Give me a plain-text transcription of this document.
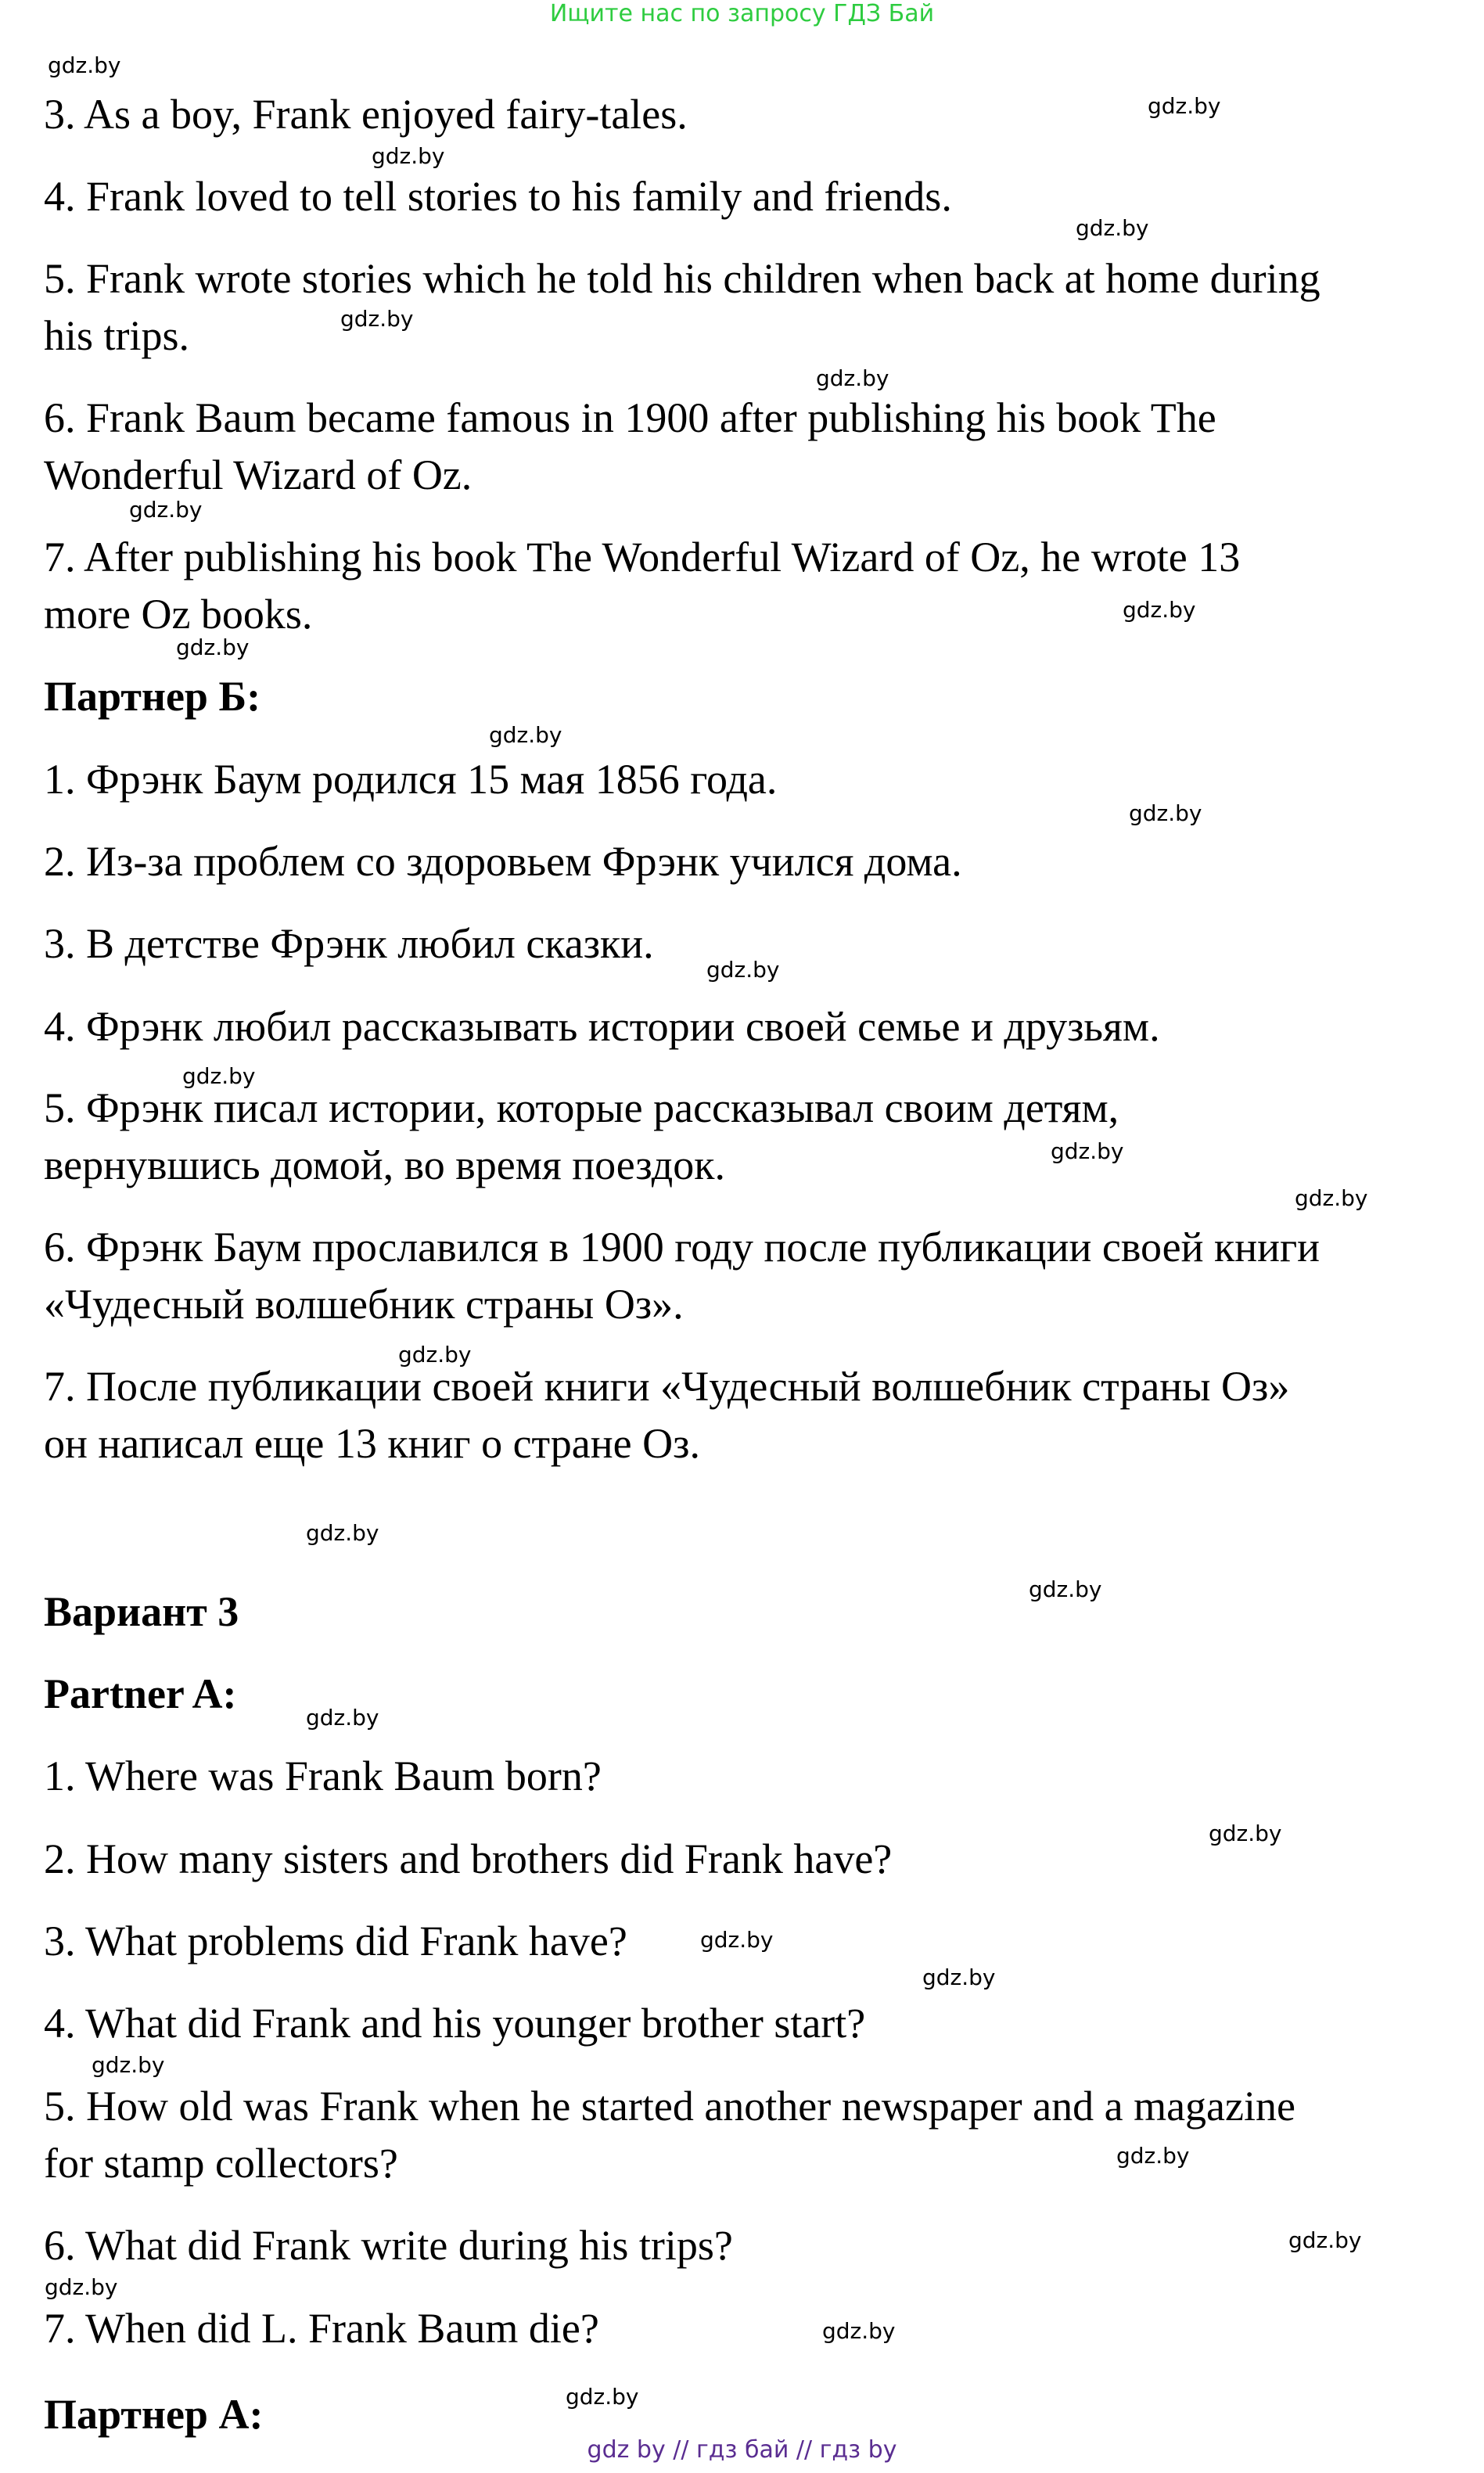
Ищите нас по запросу ГДЗ Бай
3. As a boy, Frank enjoyed fairy-tales.
4. Frank loved to tell stories to his family and friends.
5. Frank wrote stories which he told his children when back at home during
his trips.
6. Frank Baum became famous in 1900 after publishing his book The
Wonderful Wizard of Oz.
7. After publishing his book The Wonderful Wizard of Oz, he wrote 13
more Oz books.
Партнер Б:
1. Фрэнк Баум родился 15 мая 1856 года.
2. Из-за проблем со здоровьем Фрэнк учился дома.
3. В детстве Фрэнк любил сказки.
4. Фрэнк любил рассказывать истории своей семье и друзьям.
5. Фрэнк писал истории, которые рассказывал своим детям,
вернувшись домой, во время поездок.
6. Фрэнк Баум прославился в 1900 году после публикации своей книги
«Чудесный волшебник страны Оз».
7. После публикации своей книги «Чудесный волшебник страны Оз»
он написал еще 13 книг о стране Оз.
Вариант 3
Partner A:
1. Where was Frank Baum born?
2. How many sisters and brothers did Frank have?
3. What problems did Frank have?
4. What did Frank and his younger brother start?
5. How old was Frank when he started another newspaper and a magazine
for stamp collectors?
6. What did Frank write during his trips?
7. When did L. Frank Baum die?
Партнер А:
gdz.by
gdz.by
gdz.by
gdz.by
gdz.by
gdz.by
gdz.by
gdz.by
gdz.by
gdz.by
gdz.by
gdz.by
gdz.by
gdz.by
gdz.by
gdz.by
gdz.by
gdz.by
gdz.by
gdz.by
gdz.by
gdz.by
gdz.by
gdz.by
gdz.by
gdz.by
gdz.by
gdz.by
gdz by // гдз бай // гдз by
